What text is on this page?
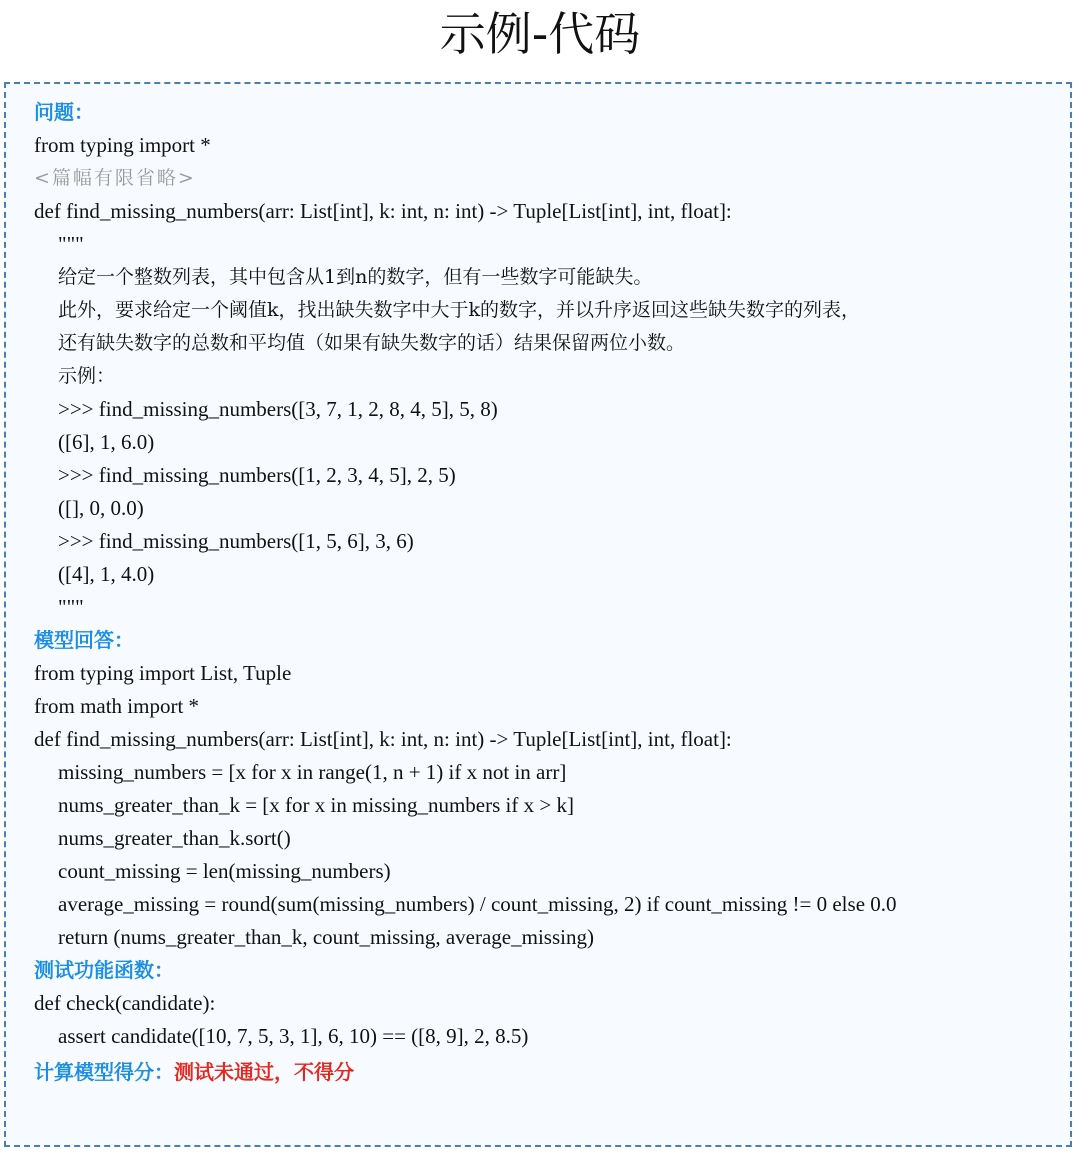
示例-代码
问题：
from typing import *
<篇幅有限省略>
def find_missing_numbers(arr: List[int], k: int, n: int) -> Tuple[List[int], int, float]:
"""
给定一个整数列表，其中包含从1到n的数字，但有一些数字可能缺失。
此外，要求给定一个阈值k，找出缺失数字中大于k的数字，并以升序返回这些缺失数字的列表，
还有缺失数字的总数和平均值（如果有缺失数字的话）结果保留两位小数。
示例：
>>> find_missing_numbers([3, 7, 1, 2, 8, 4, 5], 5, 8)
([6], 1, 6.0)
>>> find_missing_numbers([1, 2, 3, 4, 5], 2, 5)
([], 0, 0.0)
>>> find_missing_numbers([1, 5, 6], 3, 6)
([4], 1, 4.0)
"""
模型回答：
from typing import List, Tuple
from math import *
def find_missing_numbers(arr: List[int], k: int, n: int) -> Tuple[List[int], int, float]:
missing_numbers = [x for x in range(1, n + 1) if x not in arr]
nums_greater_than_k = [x for x in missing_numbers if x > k]
nums_greater_than_k.sort()
count_missing = len(missing_numbers)
average_missing = round(sum(missing_numbers) / count_missing, 2) if count_missing != 0 else 0.0
return (nums_greater_than_k, count_missing, average_missing)
测试功能函数：
def check(candidate):
assert candidate([10, 7, 5, 3, 1], 6, 10) == ([8, 9], 2, 8.5)
计算模型得分：测试未通过，不得分
